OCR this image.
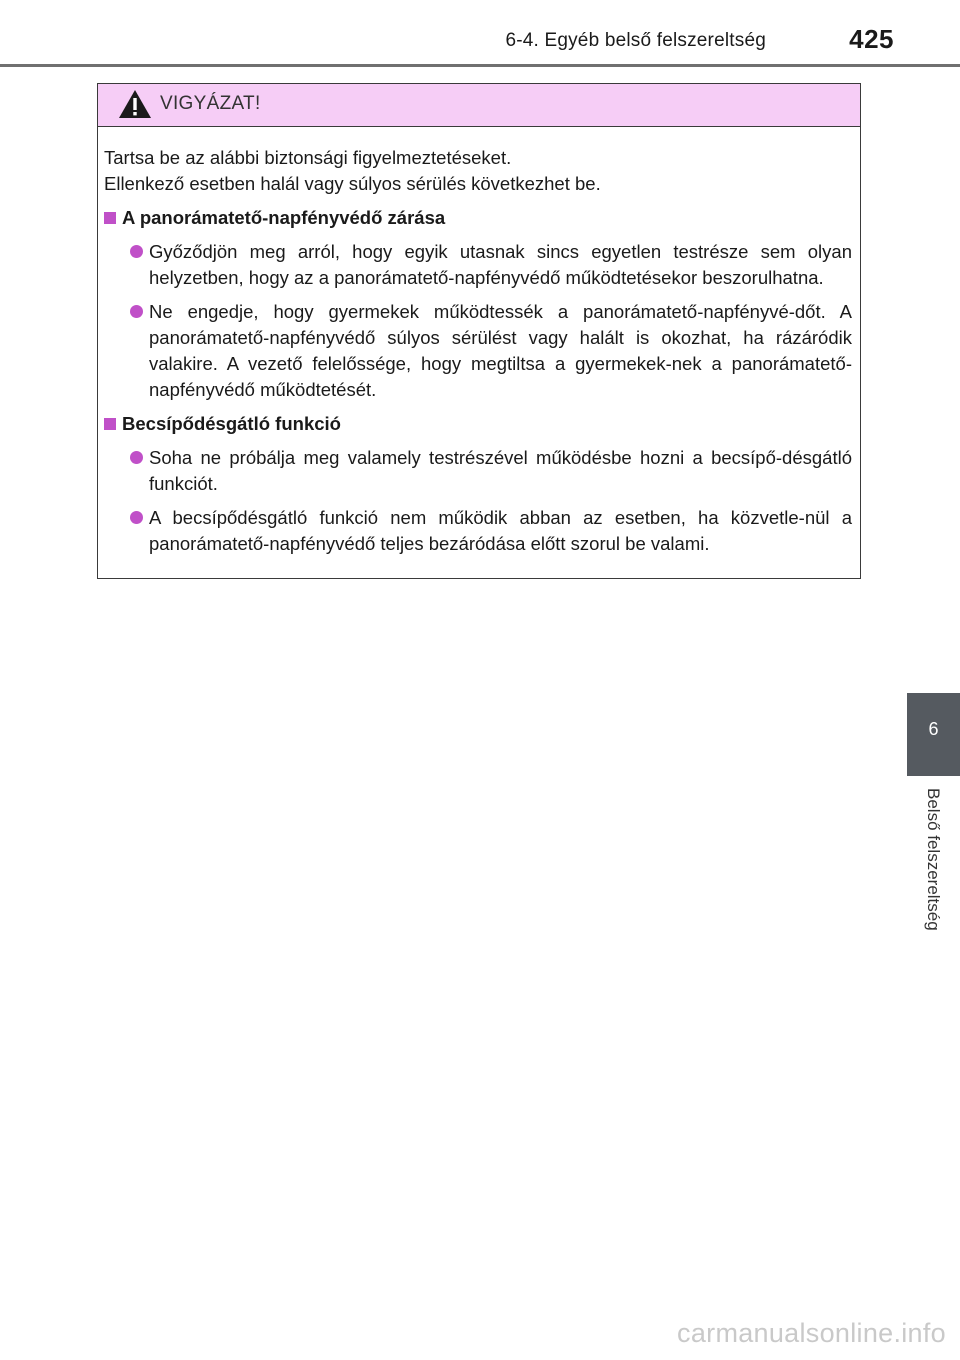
6-4. Egyéb belső felszereltség	425
VIGYÁZAT!

Tartsa be az alábbi biztonsági figyelmeztetéseket.

Ellenkező esetben halál vagy súlyos sérülés következhet be.

A panorámatető-napfényvédő zárása
Győződjön meg arról, hogy egyik utasnak sincs egyetlen testrésze sem olyan helyzetben, hogy az a panorámatető-napfényvédő működtetésekor beszorulhatna.
Ne engedje, hogy gyermekek működtessék a panorámatető-napfényvé-dőt. A panorámatető-napfényvédő súlyos sérülést vagy halált is okozhat, ha rázáródik valakire. A vezető felelőssége, hogy megtiltsa a gyermekek-nek a panorámatető-napfényvédő működtetését.
Becsípődésgátló funkció
Soha ne próbálja meg valamely testrészével működésbe hozni a becsípő-désgátló funkciót.
A becsípődésgátló funkció nem működik abban az esetben, ha közvetle-nül a panorámatető-napfényvédő teljes bezáródása előtt szorul be valami.
6
Belső felszereltség
carmanualsonline.info
